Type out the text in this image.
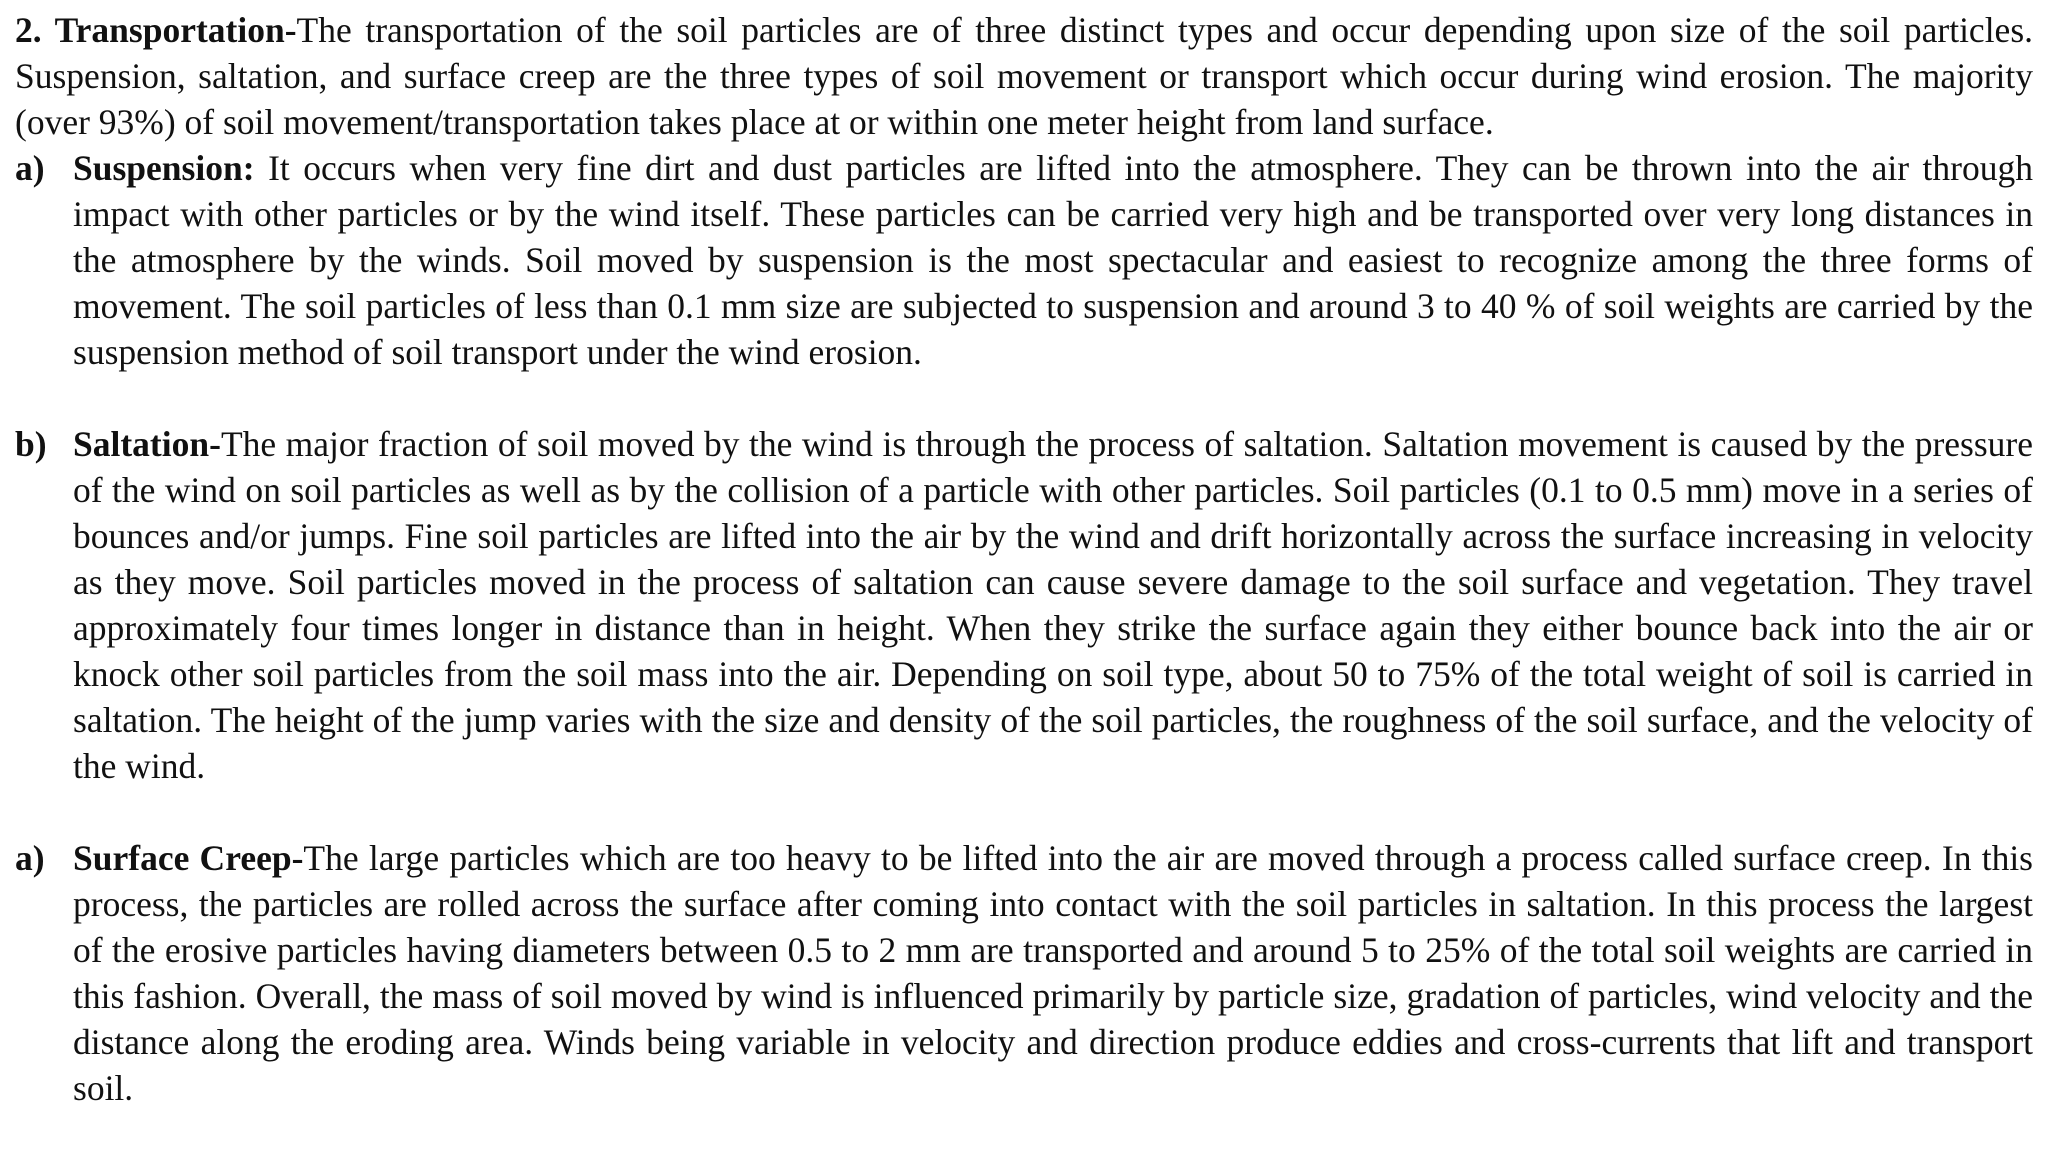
2. Transportation-The transportation of the soil particles are of three distinct types and occur depending upon size of the soil particles. Suspension, saltation, and surface creep are the three types of soil movement or transport which occur during wind erosion. The majority (over 93%) of soil movement/transportation takes place at or within one meter height from land surface.

a) Suspension: It occurs when very fine dirt and dust particles are lifted into the atmosphere. They can be thrown into the air through impact with other particles or by the wind itself. These particles can be carried very high and be transported over very long distances in the atmosphere by the winds. Soil moved by suspension is the most spectacular and easiest to recognize among the three forms of movement. The soil particles of less than 0.1 mm size are subjected to suspension and around 3 to 40 % of soil weights are carried by the suspension method of soil transport under the wind erosion.
b) Saltation-The major fraction of soil moved by the wind is through the process of saltation. Saltation movement is caused by the pressure of the wind on soil particles as well as by the collision of a particle with other particles. Soil particles (0.1 to 0.5 mm) move in a series of bounces and/or jumps. Fine soil particles are lifted into the air by the wind and drift horizontally across the surface increasing in velocity as they move. Soil particles moved in the process of saltation can cause severe damage to the soil surface and vegetation. They travel approximately four times longer in distance than in height. When they strike the surface again they either bounce back into the air or knock other soil particles from the soil mass into the air. Depending on soil type, about 50 to 75% of the total weight of soil is carried in saltation. The height of the jump varies with the size and density of the soil particles, the roughness of the soil surface, and the velocity of the wind.
a) Surface Creep-The large particles which are too heavy to be lifted into the air are moved through a process called surface creep. In this process, the particles are rolled across the surface after coming into contact with the soil particles in saltation. In this process the largest of the erosive particles having diameters between 0.5 to 2 mm are transported and around 5 to 25% of the total soil weights are carried in this fashion. Overall, the mass of soil moved by wind is influenced primarily by particle size, gradation of particles, wind velocity and the distance along the eroding area. Winds being variable in velocity and direction produce eddies and cross-currents that lift and transport soil.
